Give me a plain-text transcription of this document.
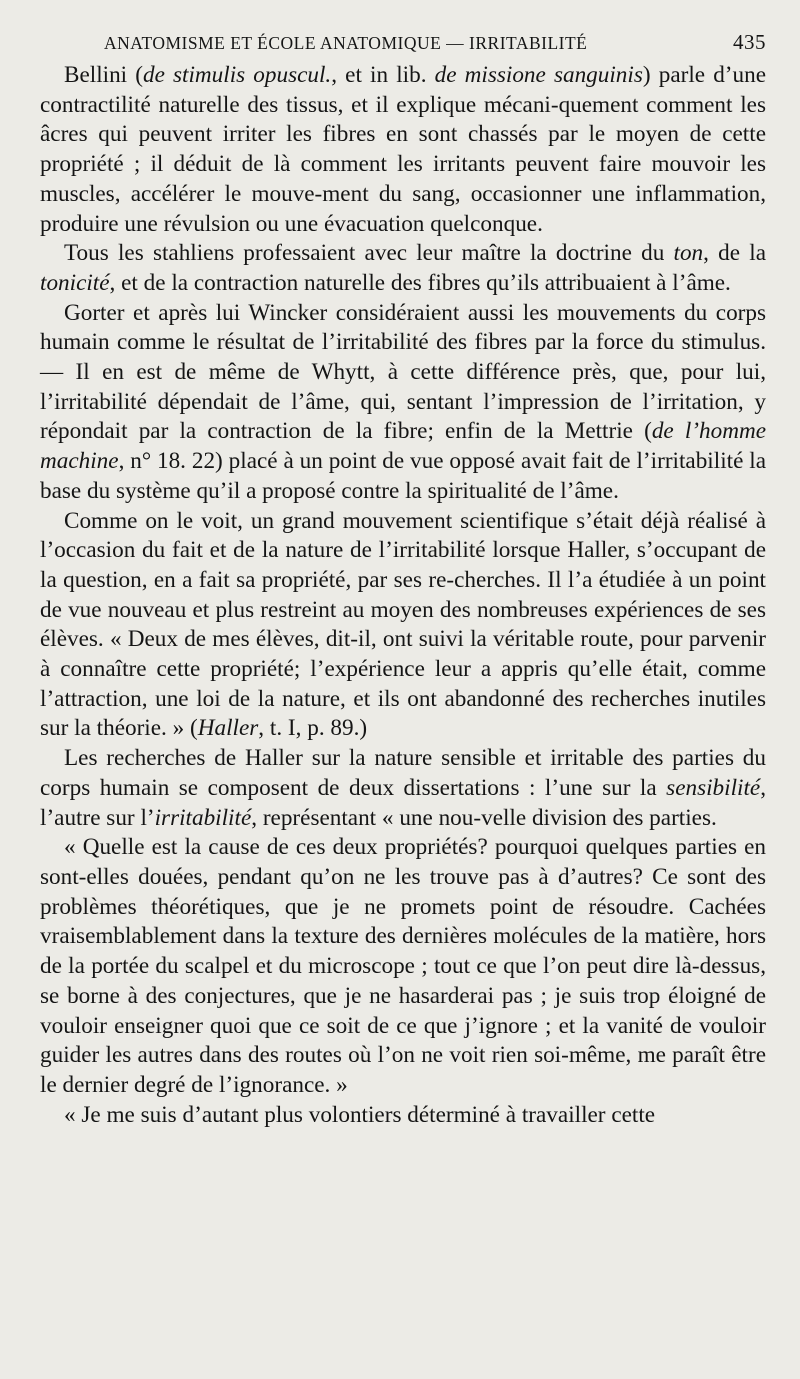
ANATOMISME ET ÉCOLE ANATOMIQUE — IRRITABILITÉ	435

Bellini (de stimulis opuscul., et in lib. de missione sanguinis) parle d’une contractilité naturelle des tissus, et il explique mécani-quement comment les âcres qui peuvent irriter les fibres en sont chassés par le moyen de cette propriété ; il déduit de là comment les irritants peuvent faire mouvoir les muscles, accélérer le mouve-ment du sang, occasionner une inflammation, produire une révulsion ou une évacuation quelconque.

Tous les stahliens professaient avec leur maître la doctrine du ton, de la tonicité, et de la contraction naturelle des fibres qu’ils attribuaient à l’âme.

Gorter et après lui Wincker considéraient aussi les mouvements du corps humain comme le résultat de l’irritabilité des fibres par la force du stimulus. — Il en est de même de Whytt, à cette différence près, que, pour lui, l’irritabilité dépendait de l’âme, qui, sentant l’impression de l’irritation, y répondait par la contraction de la fibre; enfin de la Mettrie (de l’homme machine, n° 18. 22) placé à un point de vue opposé avait fait de l’irritabilité la base du système qu’il a proposé contre la spiritualité de l’âme.

Comme on le voit, un grand mouvement scientifique s’était déjà réalisé à l’occasion du fait et de la nature de l’irritabilité lorsque Haller, s’occupant de la question, en a fait sa propriété, par ses re-cherches. Il l’a étudiée à un point de vue nouveau et plus restreint au moyen des nombreuses expériences de ses élèves. « Deux de mes élèves, dit-il, ont suivi la véritable route, pour parvenir à connaître cette propriété; l’expérience leur a appris qu’elle était, comme l’attraction, une loi de la nature, et ils ont abandonné des recherches inutiles sur la théorie. » (Haller, t. I, p. 89.)

Les recherches de Haller sur la nature sensible et irritable des parties du corps humain se composent de deux dissertations : l’une sur la sensibilité, l’autre sur l’irritabilité, représentant « une nou-velle division des parties.

« Quelle est la cause de ces deux propriétés? pourquoi quelques parties en sont-elles douées, pendant qu’on ne les trouve pas à d’autres? Ce sont des problèmes théorétiques, que je ne promets point de résoudre. Cachées vraisemblablement dans la texture des dernières molécules de la matière, hors de la portée du scalpel et du microscope ; tout ce que l’on peut dire là-dessus, se borne à des conjectures, que je ne hasarderai pas ; je suis trop éloigné de vouloir enseigner quoi que ce soit de ce que j’ignore ; et la vanité de vouloir guider les autres dans des routes où l’on ne voit rien soi-même, me paraît être le dernier degré de l’ignorance. »

« Je me suis d’autant plus volontiers déterminé à travailler cette
